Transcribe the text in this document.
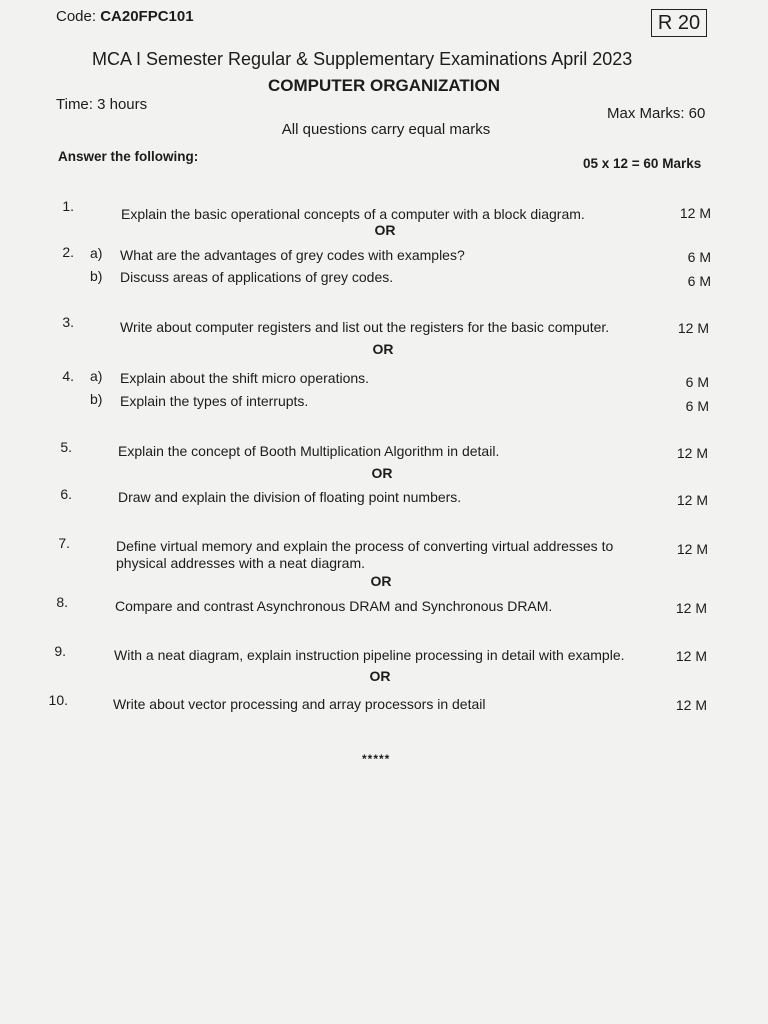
Code: CA20FPC101	R 20
MCA I Semester Regular & Supplementary Examinations April 2023
COMPUTER ORGANIZATION
Time: 3 hours
Max Marks: 60
All questions carry equal marks
Answer the following:	05 x 12 = 60 Marks
1.	Explain the basic operational concepts of a computer with a block diagram.	12 M
OR
2. a) What are the advantages of grey codes with examples?	6 M
b) Discuss areas of applications of grey codes.	6 M
3.	Write about computer registers and list out the registers for the basic computer.	12 M
OR
4. a) Explain about the shift micro operations.	6 M
b) Explain the types of interrupts.	6 M
5.	Explain the concept of Booth Multiplication Algorithm in detail.	12 M
OR
6.	Draw and explain the division of floating point numbers.	12 M
7.	Define virtual memory and explain the process of converting virtual addresses to physical addresses with a neat diagram.
12 M
OR
8.	Compare and contrast Asynchronous DRAM and Synchronous DRAM.	12 M
9.	With a neat diagram, explain instruction pipeline processing in detail with example.	12 M
OR
10.	Write about vector processing and array processors in detail	12 M
*****
